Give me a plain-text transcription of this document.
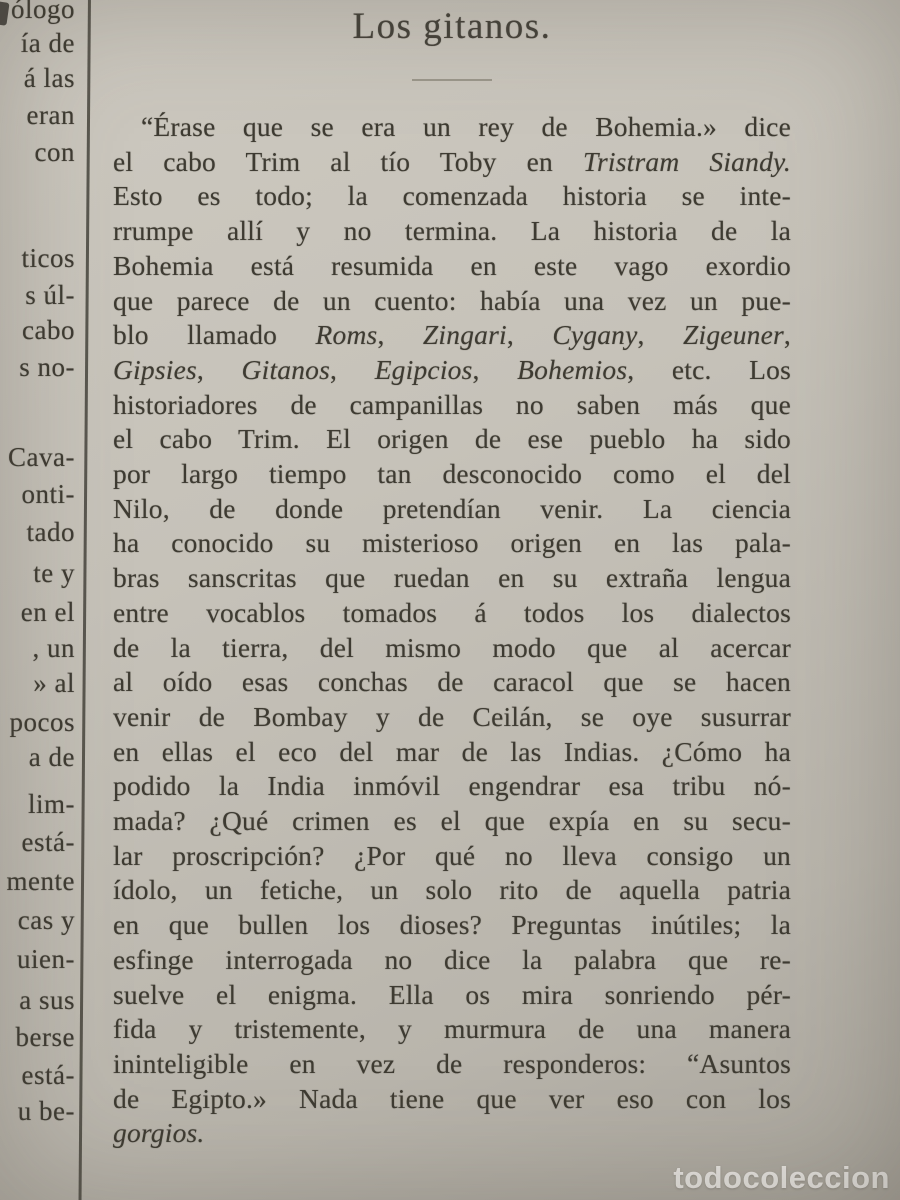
ólogo
ía de
á las
eran
con
ticos
s úl-
cabo
s no-
Cava-
onti-
tado
te y
en el
, un
» al
pocos
a de
lim-
está-
mente
cas y
uien-
a sus
berse
está-
u be-
Los gitanos.
“Érase que se era un rey de Bohemia.» dice
el cabo Trim al tío Toby en Tristram Siandy.
Esto es todo; la comenzada historia se inte-
rrumpe allí y no termina. La historia de la
Bohemia está resumida en este vago exordio
que parece de un cuento: había una vez un pue-
blo llamado Roms, Zingari, Cygany, Zigeuner,
Gipsies, Gitanos, Egipcios, Bohemios, etc. Los
historiadores de campanillas no saben más que
el cabo Trim. El origen de ese pueblo ha sido
por largo tiempo tan desconocido como el del
Nilo, de donde pretendían venir. La ciencia
ha conocido su misterioso origen en las pala-
bras sanscritas que ruedan en su extraña lengua
entre vocablos tomados á todos los dialectos
de la tierra, del mismo modo que al acercar
al oído esas conchas de caracol que se hacen
venir de Bombay y de Ceilán, se oye susurrar
en ellas el eco del mar de las Indias. ¿Cómo ha
podido la India inmóvil engendrar esa tribu nó-
mada? ¿Qué crimen es el que expía en su secu-
lar proscripción? ¿Por qué no lleva consigo un
ídolo, un fetiche, un solo rito de aquella patria
en que bullen los dioses? Preguntas inútiles; la
esfinge interrogada no dice la palabra que re-
suelve el enigma. Ella os mira sonriendo pér-
fida y tristemente, y murmura de una manera
ininteligible en vez de responderos: “Asuntos
de Egipto.» Nada tiene que ver eso con los
gorgios.
todocoleccion
